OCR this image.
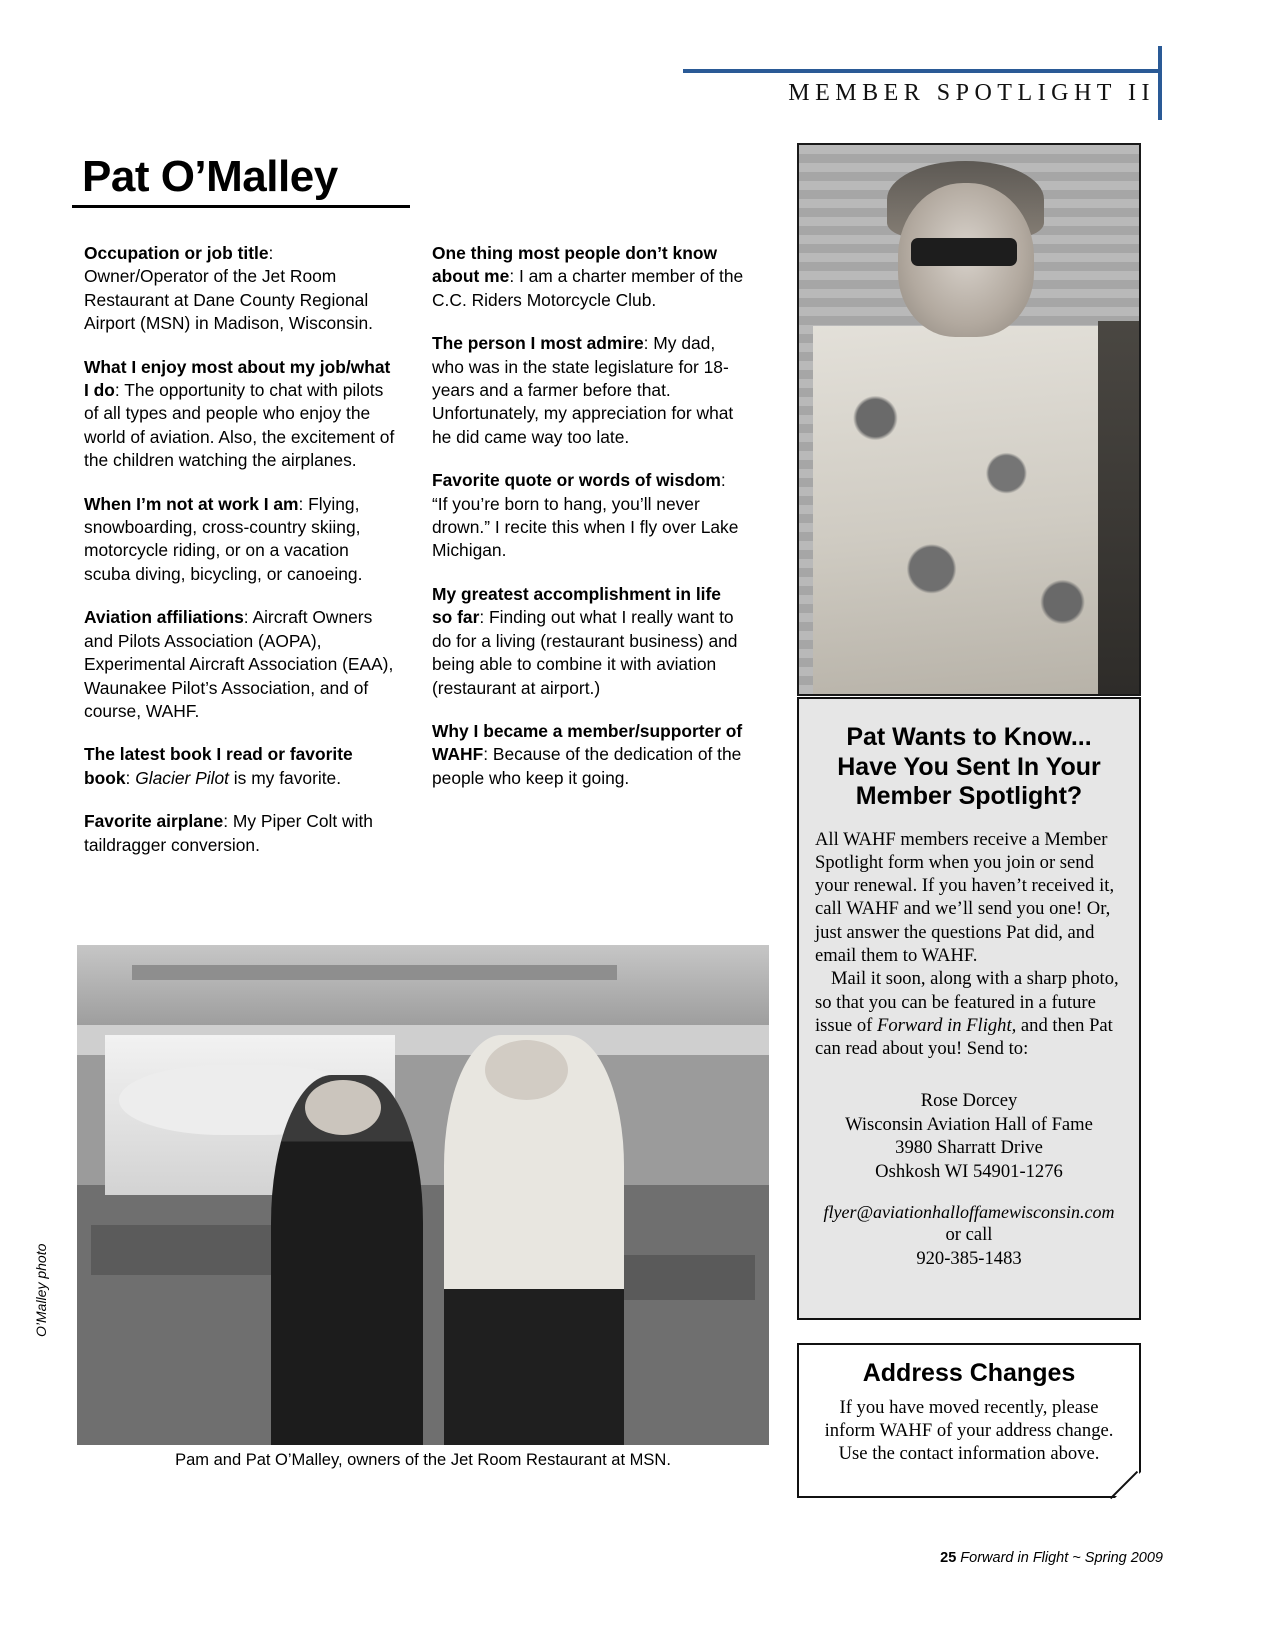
MEMBER SPOTLIGHT II
Pat O’Malley

Occupation or job title: Owner/Operator of the Jet Room Restaurant at Dane County Regional Airport (MSN) in Madison, Wisconsin.

What I enjoy most about my job/what I do: The opportunity to chat with pilots of all types and people who enjoy the world of aviation. Also, the excitement of the children watching the airplanes.

When I’m not at work I am: Flying, snowboarding, cross-country skiing, motorcycle riding, or on a vacation scuba diving, bicycling, or canoeing.

Aviation affiliations: Aircraft Owners and Pilots Association (AOPA), Experimental Aircraft Association (EAA), Waunakee Pilot’s Association, and of course, WAHF.

The latest book I read or favorite book: Glacier Pilot is my favorite.

Favorite airplane: My Piper Colt with taildragger conversion.

One thing most people don’t know about me: I am a charter member of the C.C. Riders Motorcycle Club.

The person I most admire: My dad, who was in the state legislature for 18-years and a farmer before that. Unfortunately, my appreciation for what he did came way too late.

Favorite quote or words of wisdom: “If you’re born to hang, you’ll never drown.” I recite this when I fly over Lake Michigan.

My greatest accomplishment in life so far: Finding out what I really want to do for a living (restaurant business) and being able to combine it with aviation (restaurant at airport.)

Why I became a member/supporter of WAHF: Because of the dedication of the people who keep it going.

O’Malley photo
Pam and Pat O’Malley, owners of the Jet Room Restaurant at MSN.
Pat Wants to Know...
Have You Sent In Your
Member Spotlight?

All WAHF members receive a Member Spotlight form when you join or send your renewal. If you haven’t received it, call WAHF and we’ll send you one! Or, just answer the questions Pat did, and email them to WAHF.

Mail it soon, along with a sharp photo, so that you can be featured in a future issue of Forward in Flight, and then Pat can read about you! Send to:

Rose Dorcey
Wisconsin Aviation Hall of Fame
3980 Sharratt Drive
Oshkosh WI 54901-1276
flyer@aviationhalloffamewisconsin.com
or call
920-385-1483
Address Changes
If you have moved recently, please inform WAHF of your address change. Use the contact information above.
25 Forward in Flight ~ Spring 2009
